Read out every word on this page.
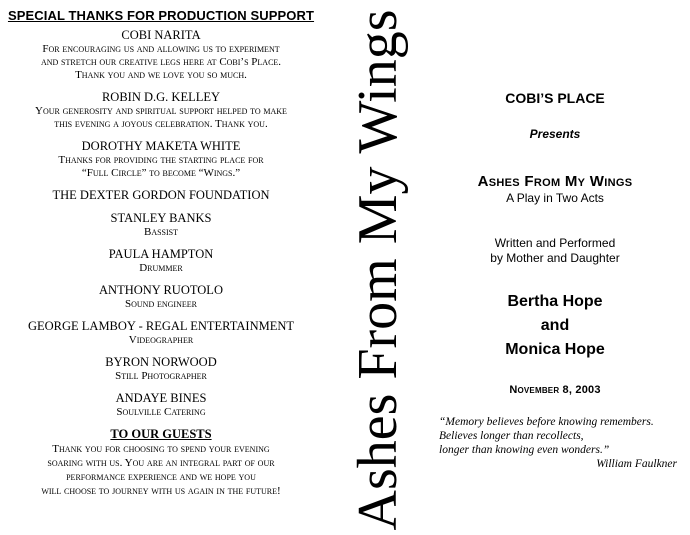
SPECIAL THANKS FOR PRODUCTION SUPPORT
COBI NARITA
For encouraging us and allowing us to experiment
and stretch our creative legs here at Cobi’s Place.
Thank you and we love you so much.
ROBIN D.G. KELLEY
Your generosity and spiritual support helped to make
this evening a joyous celebration. Thank you.
DOROTHY MAKETA WHITE
Thanks for providing the starting place for
“Full Circle” to become “Wings.”
THE DEXTER GORDON FOUNDATION
STANLEY BANKS
Bassist
PAULA HAMPTON
Drummer
ANTHONY RUOTOLO
Sound engineer
GEORGE LAMBOY - REGAL ENTERTAINMENT
Videographer
BYRON NORWOOD
Still Photographer
ANDAYE BINES
Soulville Catering
TO OUR GUESTS
Thank you for choosing to spend your evening
soaring with us. You are an integral part of our
performance experience and we hope you
will choose to journey with us again in the future!	Ashes From My Wings	COBI’S PLACE
Presents
Ashes From My Wings
A Play in Two Acts
Written and Performed
by Mother and Daughter
Bertha Hope
and
Monica Hope
November 8, 2003
“Memory believes before knowing remembers.
Believes longer than recollects,
longer than knowing even wonders.”
William Faulkner
